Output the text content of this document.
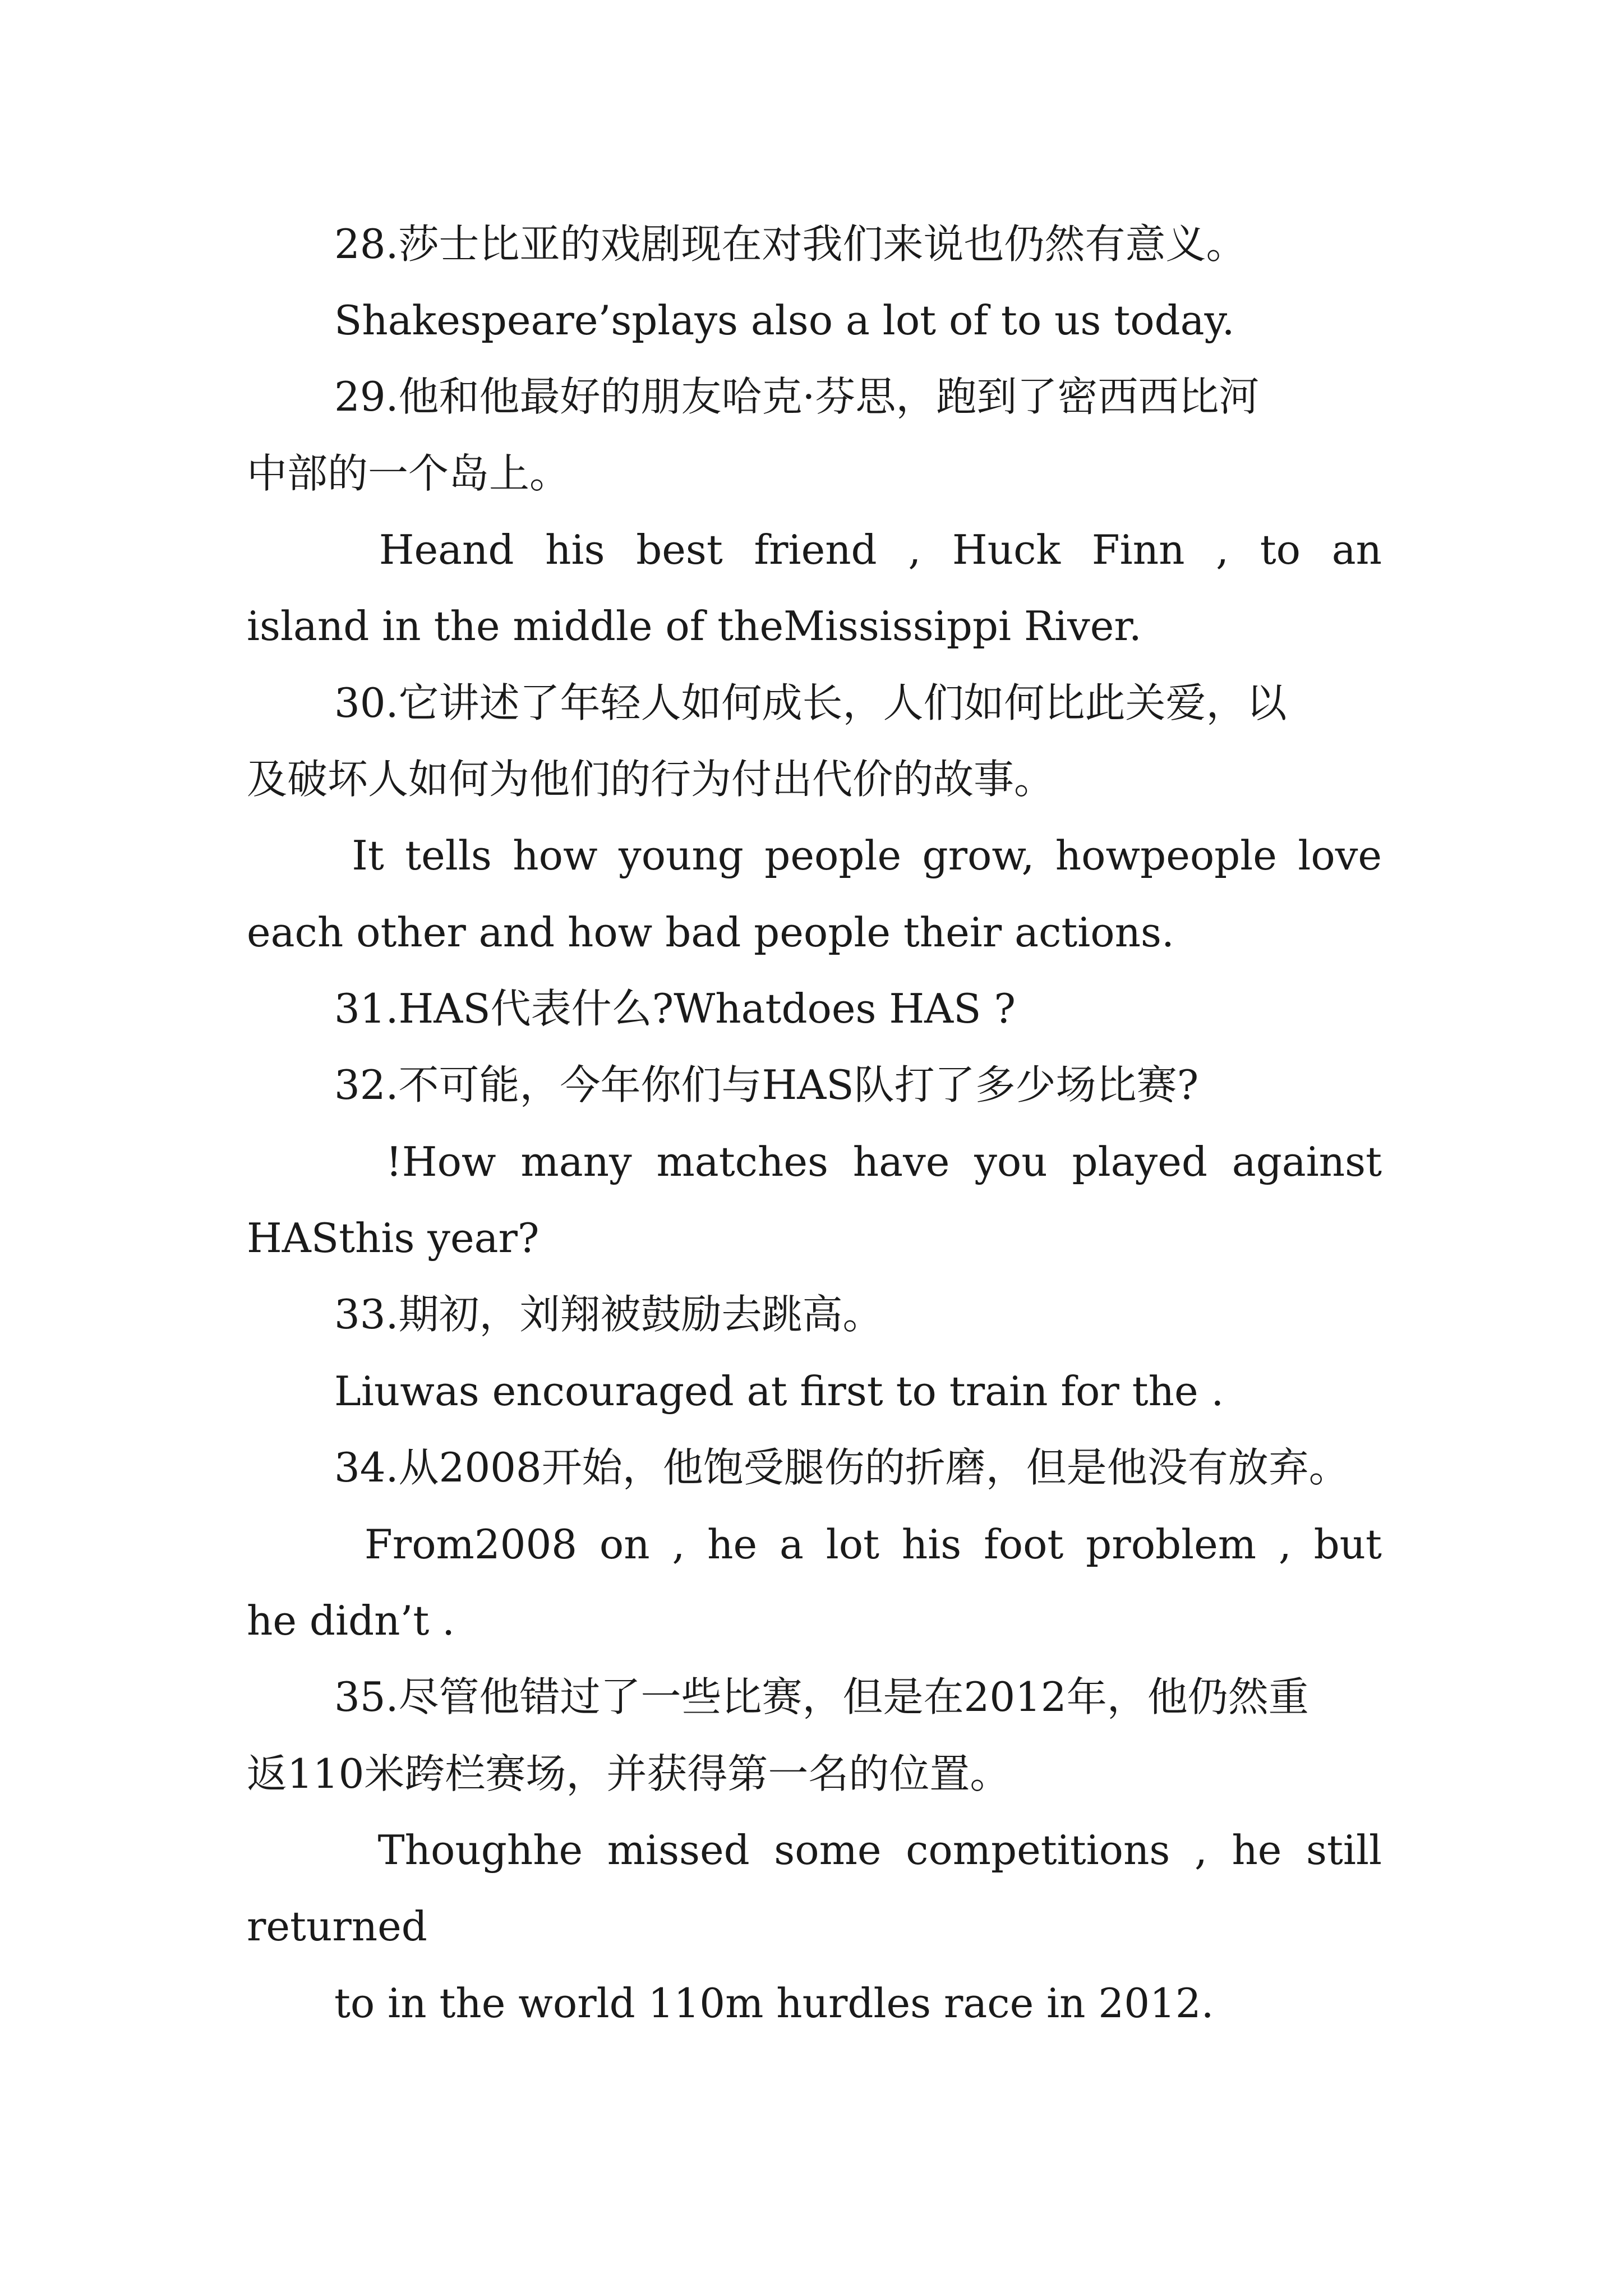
28.莎士比亚的戏剧现在对我们来说也仍然有意义。
Shakespeare’splays also a lot of to us today.
29.他和他最好的朋友哈克·芬思，跑到了密西西比河
中部的一个岛上。
Heand his best friend , Huck Finn , to an
island in the middle of theMississippi River.
30.它讲述了年轻人如何成长，人们如何比此关爱，以
及破坏人如何为他们的行为付出代价的故事。
It tells how young people grow, howpeople love
each other and how bad people their actions.
31.HAS代表什么?Whatdoes HAS ?
32.不可能，今年你们与HAS队打了多少场比赛?
!How many matches have you played against
HASthis year?
33.期初，刘翔被鼓励去跳高。
Liuwas encouraged at first to train for the .
34.从2008开始，他饱受腿伤的折磨，但是他没有放弃。
From2008 on , he a lot his foot problem , but
he didn’t .
35.尽管他错过了一些比赛，但是在2012年，他仍然重
返110米跨栏赛场，并获得第一名的位置。
Thoughhe missed some competitions , he still
returned
to in the world 110m hurdles race in 2012.
